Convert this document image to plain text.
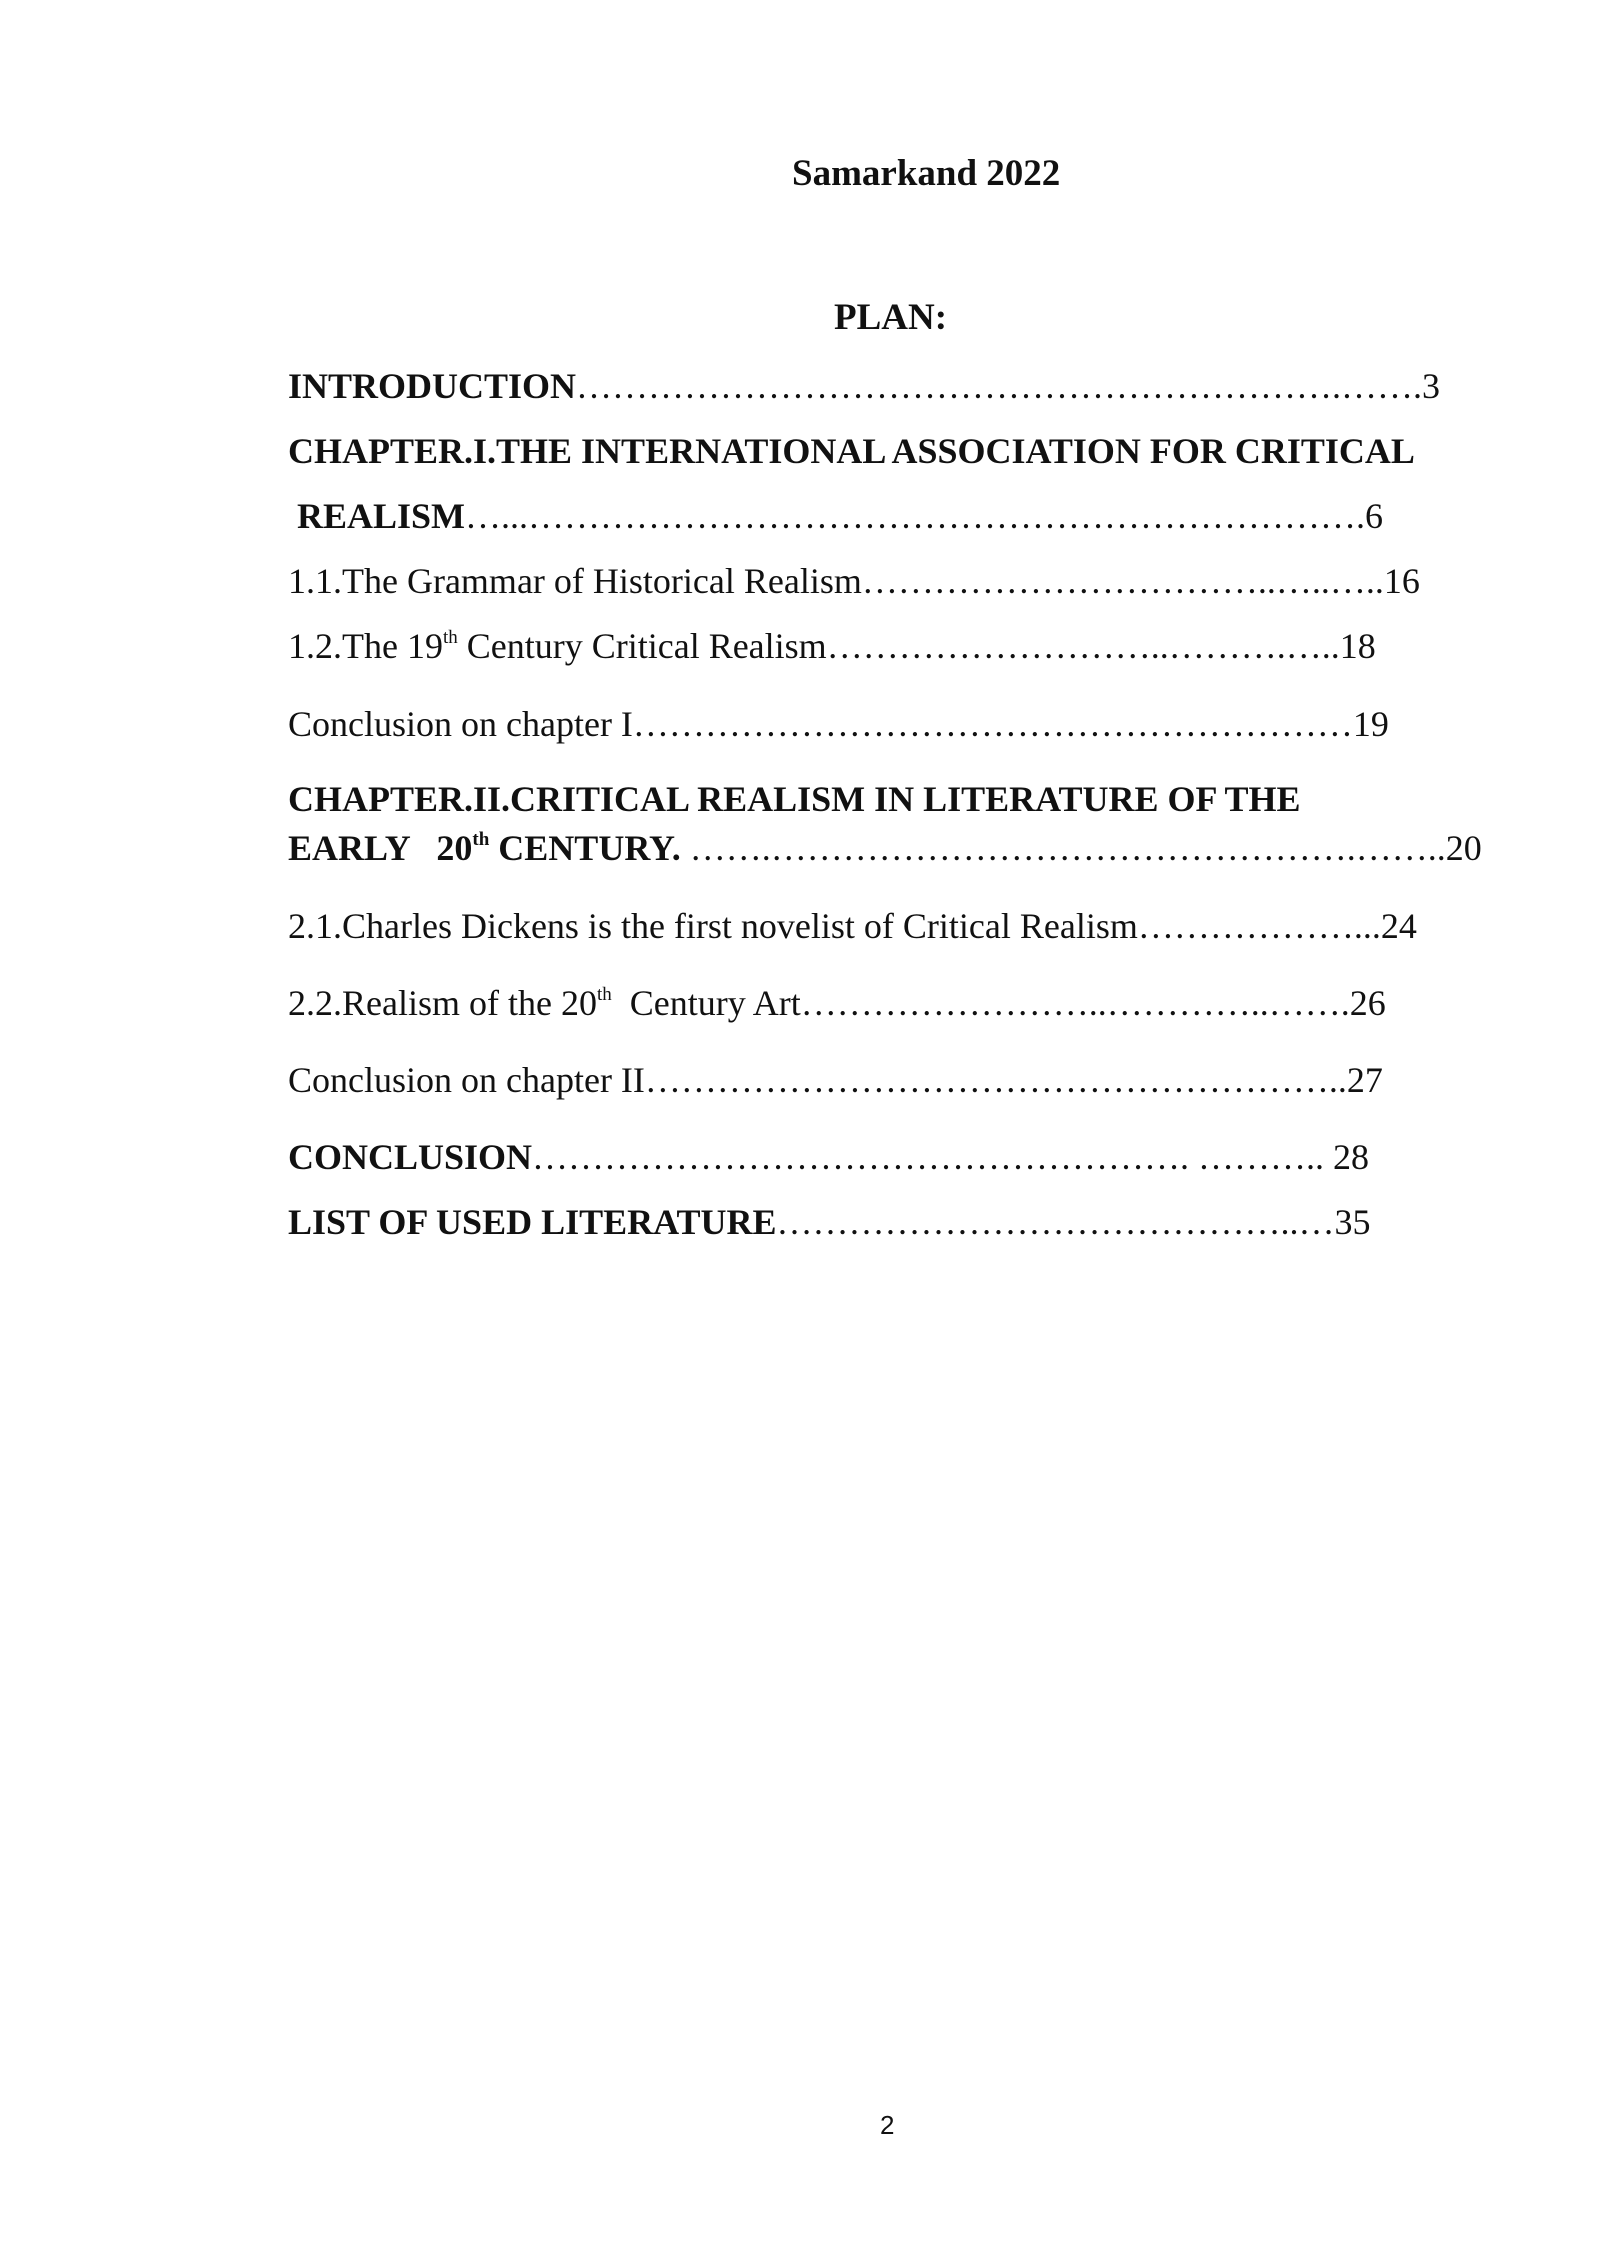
Samarkand 2022
PLAN:
INTRODUCTION……………………………………………………….…….3
CHAPTER.I.THE INTERNATIONAL ASSOCIATION FOR CRITICAL
REALISM…...…………………………………………………………….6
1.1.The Grammar of Historical Realism……………………………..…..…..16
1.2.The 19th Century Critical Realism………………………..……….…..18
Conclusion on chapter I……………………………………………………19
CHAPTER.II.CRITICAL REALISM IN LITERATURE OF THE
EARLY   20th CENTURY. …….………………………………………….……..20
2.1.Charles Dickens is the first novelist of Critical Realism………………...24
2.2.Realism of the 20th  Century Art……………………..…………..…….26
Conclusion on chapter II…………………………………………………..27
CONCLUSION………………………………………………. ……….. 28
LIST OF USED LITERATURE……………………………………..…35
2
